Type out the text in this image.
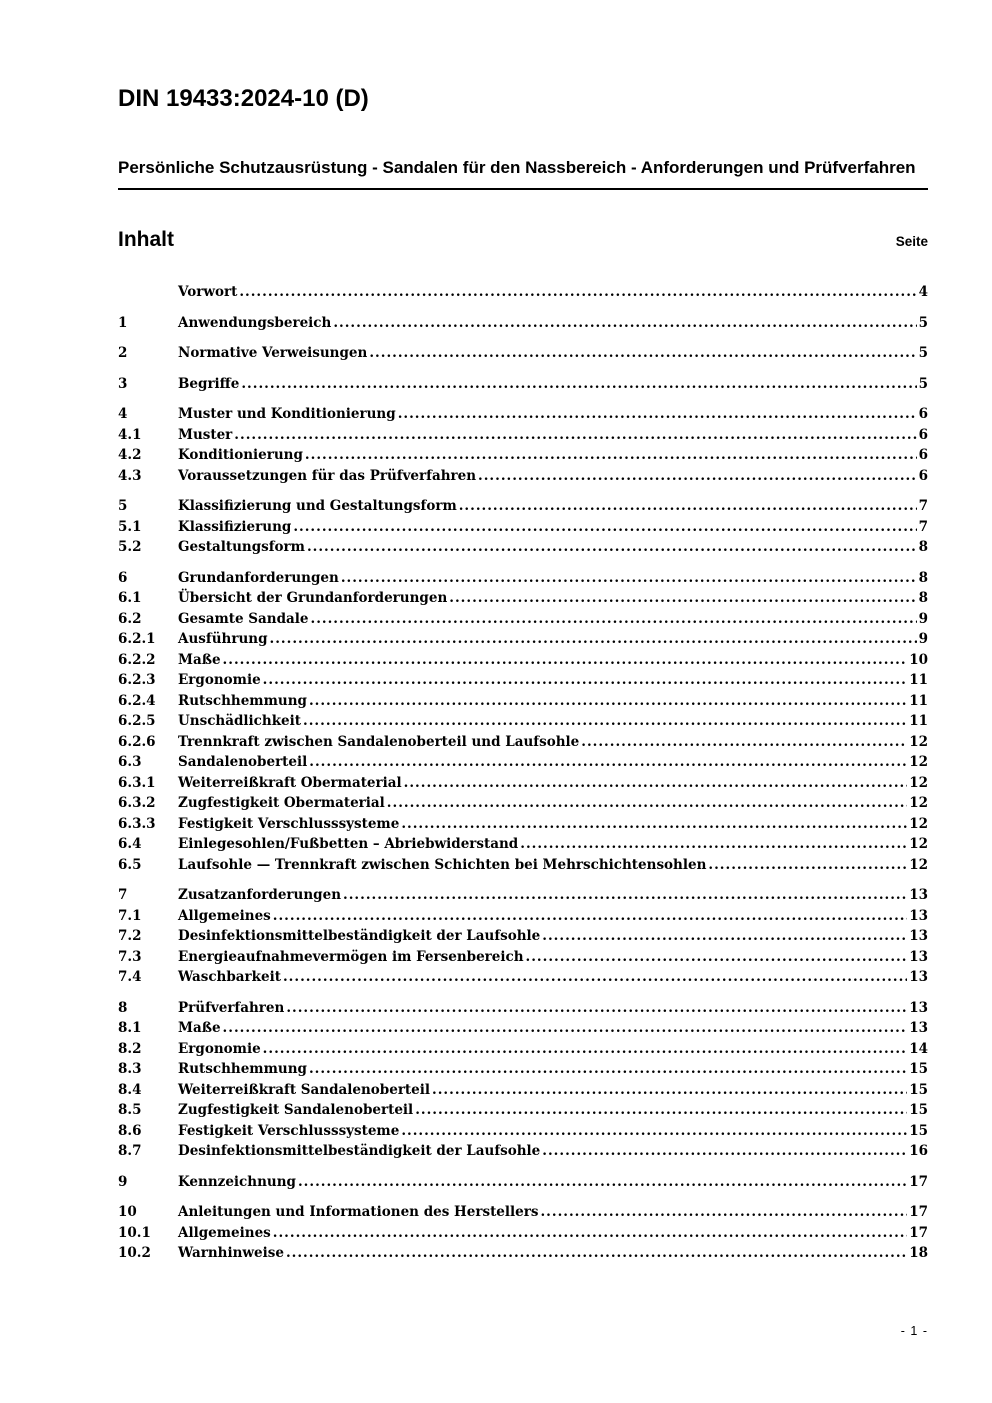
DIN 19433:2024-10 (D)
Persönliche Schutzausrüstung - Sandalen für den Nassbereich - Anforderungen und Prüfverfahren
Inhalt	Seite
Vorwort .....	4
1	Anwendungsbereich .....	5
2	Normative Verweisungen .....	5
3	Begriffe .....	5
4	Muster und Konditionierung .....	6
4.1	Muster .....	6
4.2	Konditionierung .....	6
4.3	Voraussetzungen für das Prüfverfahren .....	6
5	Klassifizierung und Gestaltungsform .....	7
5.1	Klassifizierung .....	7
5.2	Gestaltungsform .....	8
6	Grundanforderungen .....	8
6.1	Übersicht der Grundanforderungen .....	8
6.2	Gesamte Sandale .....	9
6.2.1	Ausführung .....	9
6.2.2	Maße .....	10
6.2.3	Ergonomie .....	11
6.2.4	Rutschhemmung .....	11
6.2.5	Unschädlichkeit .....	11
6.2.6	Trennkraft zwischen Sandalenoberteil und Laufsohle .....	12
6.3	Sandalenoberteil .....	12
6.3.1	Weiterreißkraft Obermaterial .....	12
6.3.2	Zugfestigkeit Obermaterial .....	12
6.3.3	Festigkeit Verschlusssysteme .....	12
6.4	Einlegesohlen/Fußbetten – Abriebwiderstand .....	12
6.5	Laufsohle — Trennkraft zwischen Schichten bei Mehrschichtensohlen .....	12
7	Zusatzanforderungen .....	13
7.1	Allgemeines .....	13
7.2	Desinfektionsmittelbeständigkeit der Laufsohle .....	13
7.3	Energieaufnahmevermögen im Fersenbereich .....	13
7.4	Waschbarkeit .....	13
8	Prüfverfahren .....	13
8.1	Maße .....	13
8.2	Ergonomie .....	14
8.3	Rutschhemmung .....	15
8.4	Weiterreißkraft Sandalenoberteil .....	15
8.5	Zugfestigkeit Sandalenoberteil .....	15
8.6	Festigkeit Verschlusssysteme .....	15
8.7	Desinfektionsmittelbeständigkeit der Laufsohle .....	16
9	Kennzeichnung .....	17
10	Anleitungen und Informationen des Herstellers .....	17
10.1	Allgemeines .....	17
10.2	Warnhinweise .....	18
- 1 -
